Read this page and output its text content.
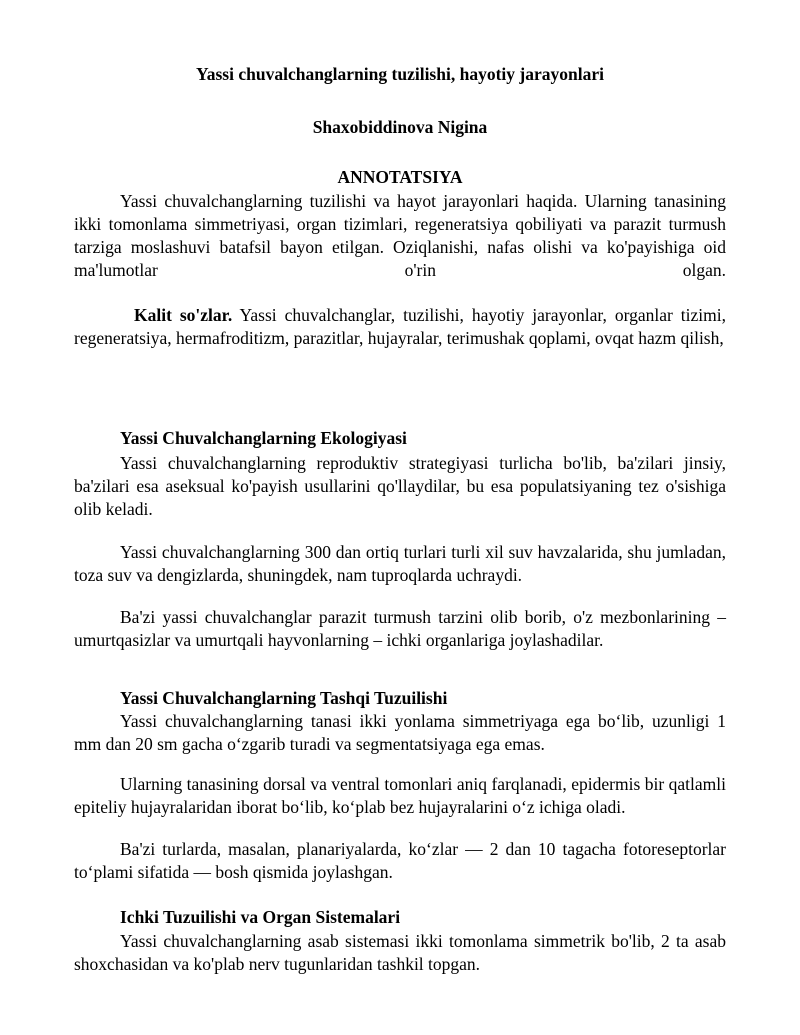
Yassi chuvalchanglarning tuzilishi, hayotiy jarayonlari
Shaxobiddinova Nigina
ANNOTATSIYA

Yassi chuvalchanglarning tuzilishi va hayot jarayonlari haqida. Ularning tanasining ikki tomonlama simmetriyasi, organ tizimlari, regeneratsiya qobiliyati va parazit turmush tarziga moslashuvi batafsil bayon etilgan. Oziqlanishi, nafas olishi va ko'payishiga oid ma'lumotlar o'rin olgan.

Kalit so'zlar. Yassi chuvalchanglar, tuzilishi, hayotiy jarayonlar, organlar tizimi, regeneratsiya, hermafroditizm, parazitlar, hujayralar, terimushak qoplami, ovqat hazm qilish,

Yassi Chuvalchanglarning Ekologiyasi

Yassi chuvalchanglarning reproduktiv strategiyasi turlicha bo'lib, ba'zilari jinsiy, ba'zilari esa aseksual ko'payish usullarini qo'llaydilar, bu esa populatsiyaning tez o'sishiga olib keladi.

Yassi chuvalchanglarning 300 dan ortiq turlari turli xil suv havzalarida, shu jumladan, toza suv va dengizlarda, shuningdek, nam tuproqlarda uchraydi.

Ba'zi yassi chuvalchanglar parazit turmush tarzini olib borib, o'z mezbonlarining – umurtqasizlar va umurtqali hayvonlarning – ichki organlariga joylashadilar.

Yassi Chuvalchanglarning Tashqi Tuzuilishi

Yassi chuvalchanglarning tanasi ikki yonlama simmetriyaga ega bo‘lib, uzunligi 1 mm dan 20 sm gacha o‘zgarib turadi va segmentatsiyaga ega emas.

Ularning tanasining dorsal va ventral tomonlari aniq farqlanadi, epidermis bir qatlamli epiteliy hujayralaridan iborat bo‘lib, ko‘plab bez hujayralarini o‘z ichiga oladi.

Ba'zi turlarda, masalan, planariyalarda, ko‘zlar — 2 dan 10 tagacha fotoreseptorlar to‘plami sifatida — bosh qismida joylashgan.

Ichki Tuzuilishi va Organ Sistemalari

Yassi chuvalchanglarning asab sistemasi ikki tomonlama simmetrik bo'lib, 2 ta asab shoxchasidan va ko'plab nerv tugunlaridan tashkil topgan.
